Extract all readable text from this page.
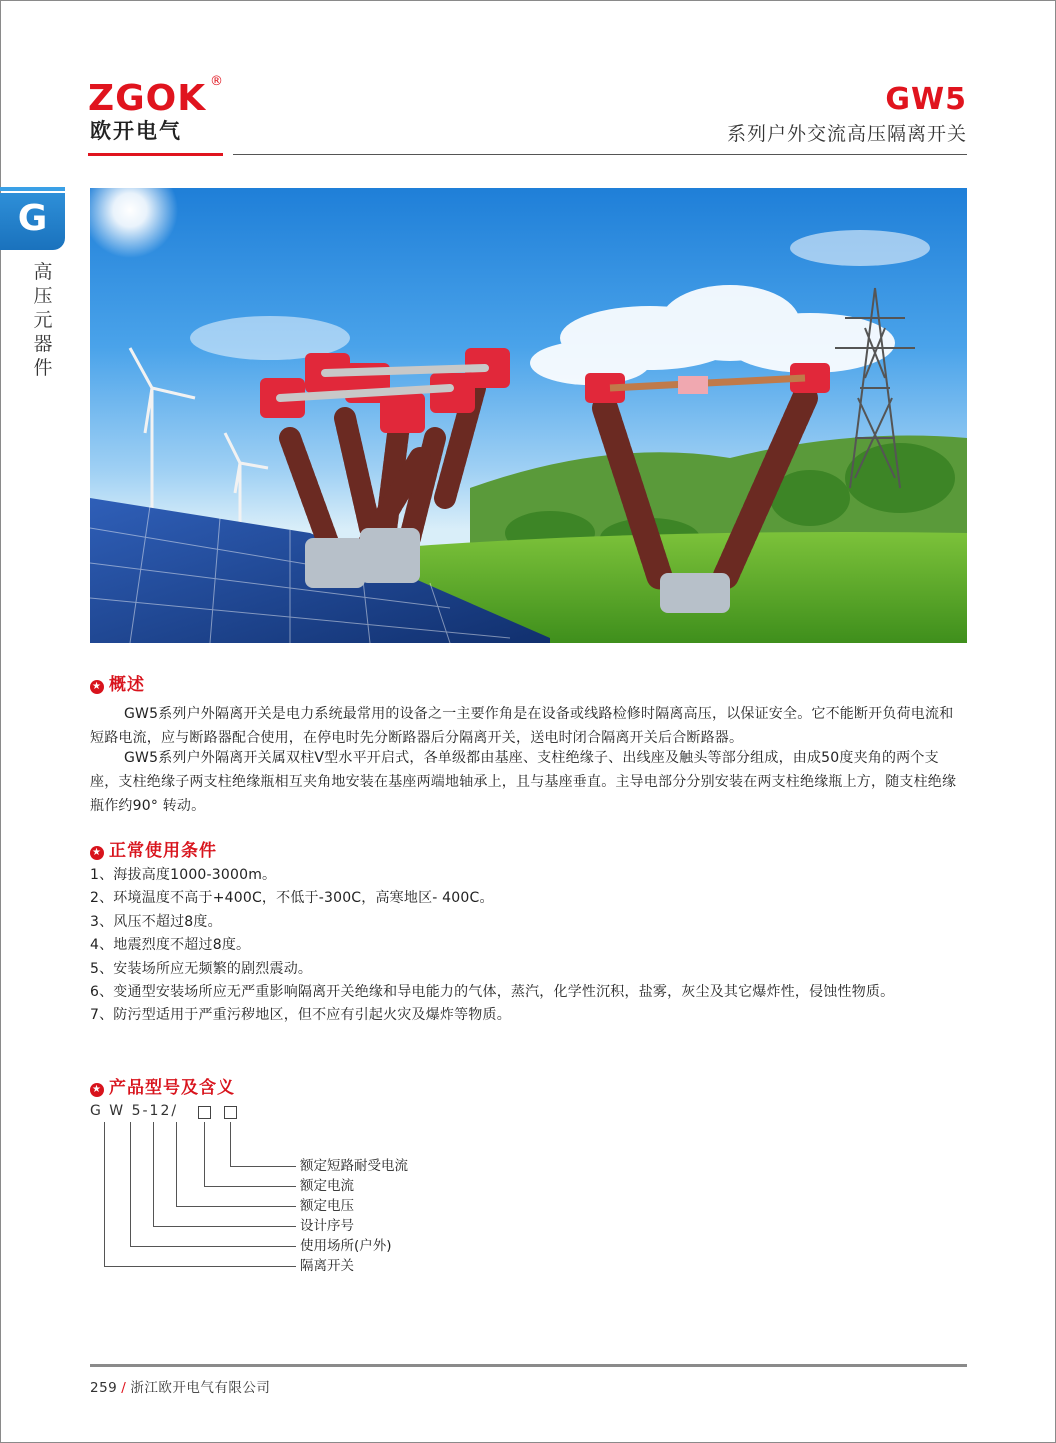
ZGOK ®
欧开电气
GW5
系列户外交流高压隔离开关
G
高
压
元
器
件
★ 概述

GW5系列户外隔离开关是电力系统最常用的设备之一主要作角是在设备或线路检修时隔离高压，以保证安全。它不能断开负荷电流和短路电流，应与断路器配合使用，在停电时先分断路器后分隔离开关，送电时闭合隔离开关后合断路器。

GW5系列户外隔离开关属双柱V型水平开启式，各单级都由基座、支柱绝缘子、出线座及触头等部分组成，由成50度夹角的两个支座，支柱绝缘子两支柱绝缘瓶相互夹角地安装在基座两端地轴承上，且与基座垂直。主导电部分分别安装在两支柱绝缘瓶上方，随支柱绝缘瓶作约90° 转动。

★ 正常使用条件
1、海拔高度1000-3000m。
2、环境温度不高于+400C，不低于-300C，高寒地区- 400C。
3、风压不超过8度。
4、地震烈度不超过8度。
5、安装场所应无频繁的剧烈震动。
6、变通型安装场所应无严重影响隔离开关绝缘和导电能力的气体，蒸汽，化学性沉积，盐雾，灰尘及其它爆炸性，侵蚀性物质。
7、防污型适用于严重污秽地区，但不应有引起火灾及爆炸等物质。
★ 产品型号及含义
G W 5-12/
额定短路耐受电流
额定电流
额定电压
设计序号
使用场所(户外)
隔离开关
259 / 浙江欧开电气有限公司
